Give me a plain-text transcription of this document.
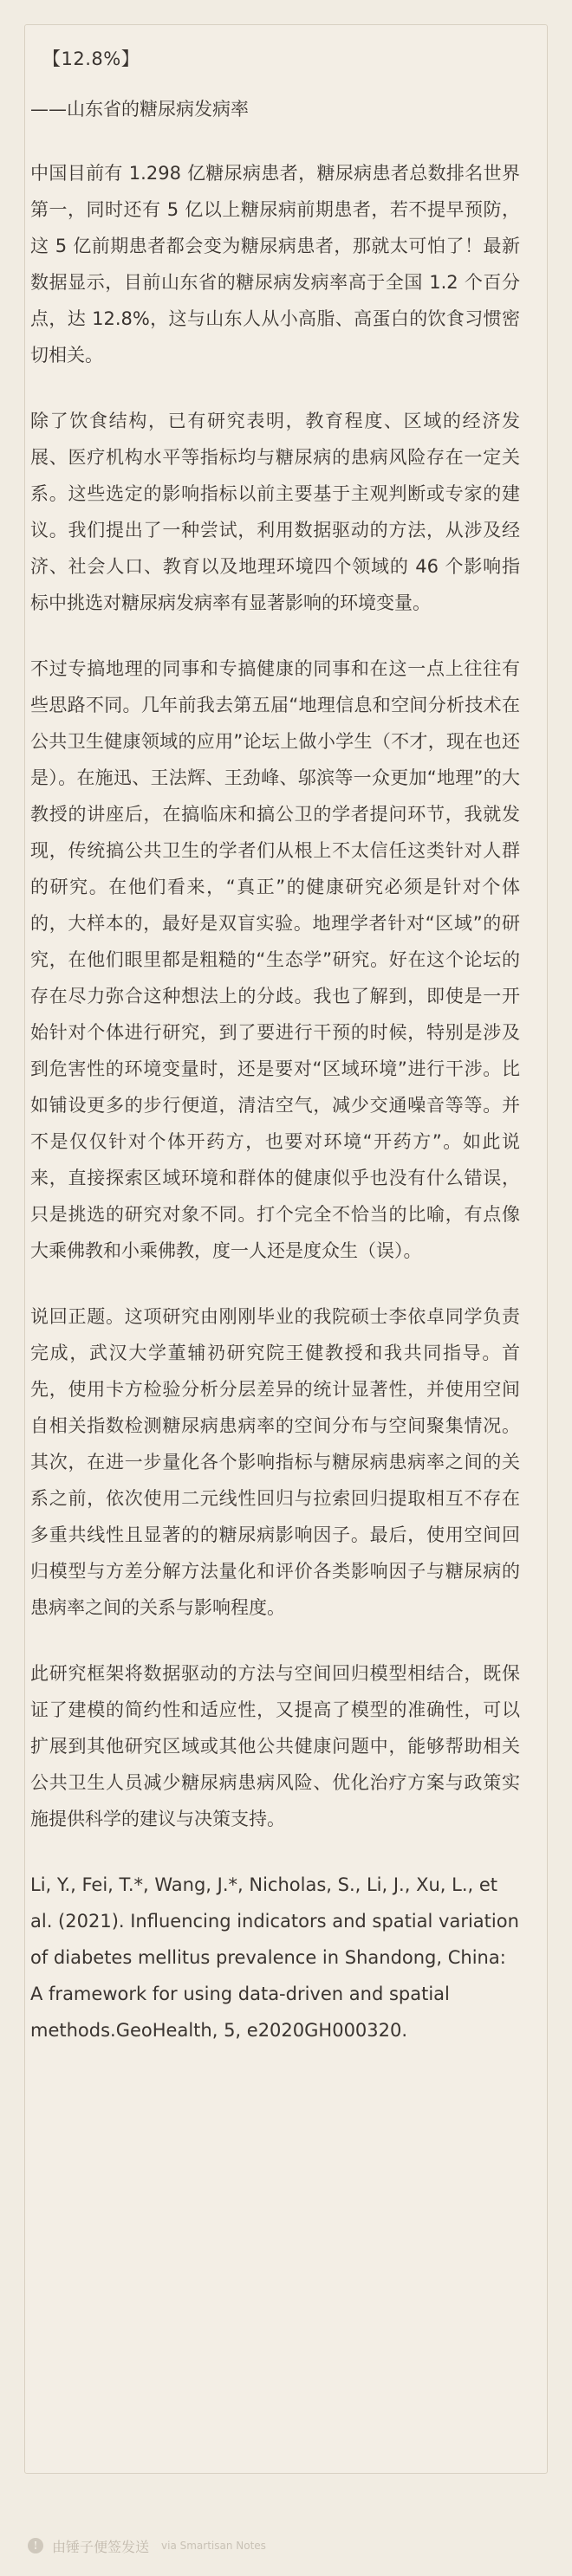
【12.8%】
——山东省的糖尿病发病率

中国目前有 1.298 亿糖尿病患者，糖尿病患者总数排名世界第一，同时还有 5 亿以上糖尿病前期患者，若不提早预防，这 5 亿前期患者都会变为糖尿病患者，那就太可怕了！最新数据显示，目前山东省的糖尿病发病率高于全国 1.2 个百分点，达 12.8%，这与山东人从小高脂、高蛋白的饮食习惯密切相关。

除了饮食结构，已有研究表明，教育程度、区域的经济发展、医疗机构水平等指标均与糖尿病的患病风险存在一定关系。这些选定的影响指标以前主要基于主观判断或专家的建议。我们提出了一种尝试，利用数据驱动的方法，从涉及经济、社会人口、教育以及地理环境四个领域的 46 个影响指标中挑选对糖尿病发病率有显著影响的环境变量。

不过专搞地理的同事和专搞健康的同事和在这一点上往往有些思路不同。几年前我去第五届“地理信息和空间分析技术在公共卫生健康领域的应用”论坛上做小学生（不才，现在也还是）。在施迅、王法辉、王劲峰、邬滨等一众更加“地理”的大教授的讲座后，在搞临床和搞公卫的学者提问环节，我就发现，传统搞公共卫生的学者们从根上不太信任这类针对人群的研究。在他们看来，“真正”的健康研究必须是针对个体的，大样本的，最好是双盲实验。地理学者针对“区域”的研究，在他们眼里都是粗糙的“生态学”研究。好在这个论坛的存在尽力弥合这种想法上的分歧。我也了解到，即使是一开始针对个体进行研究，到了要进行干预的时候，特别是涉及到危害性的环境变量时，还是要对“区域环境”进行干涉。比如铺设更多的步行便道，清洁空气，减少交通噪音等等。并不是仅仅针对个体开药方，也要对环境“开药方”。如此说来，直接探索区域环境和群体的健康似乎也没有什么错误，只是挑选的研究对象不同。打个完全不恰当的比喻，有点像大乘佛教和小乘佛教，度一人还是度众生（误）。

说回正题。这项研究由刚刚毕业的我院硕士李依卓同学负责完成，武汉大学董辅礽研究院王健教授和我共同指导。首先，使用卡方检验分析分层差异的统计显著性，并使用空间自相关指数检测糖尿病患病率的空间分布与空间聚集情况。其次，在进一步量化各个影响指标与糖尿病患病率之间的关系之前，依次使用二元线性回归与拉索回归提取相互不存在多重共线性且显著的的糖尿病影响因子。最后，使用空间回归模型与方差分解方法量化和评价各类影响因子与糖尿病的患病率之间的关系与影响程度。

此研究框架将数据驱动的方法与空间回归模型相结合，既保证了建模的简约性和适应性，又提高了模型的准确性，可以扩展到其他研究区域或其他公共健康问题中，能够帮助相关公共卫生人员减少糖尿病患病风险、优化治疗方案与政策实施提供科学的建议与决策支持。

Li, Y., Fei, T.*, Wang, J.*, Nicholas, S., Li, J., Xu, L., et al. (2021). Influencing indicators and spatial variation of diabetes mellitus prevalence in Shandong, China: A framework for using data-driven and spatial methods.GeoHealth, 5, e2020GH000320.

!	由锤子便签发送 via Smartisan Notes
